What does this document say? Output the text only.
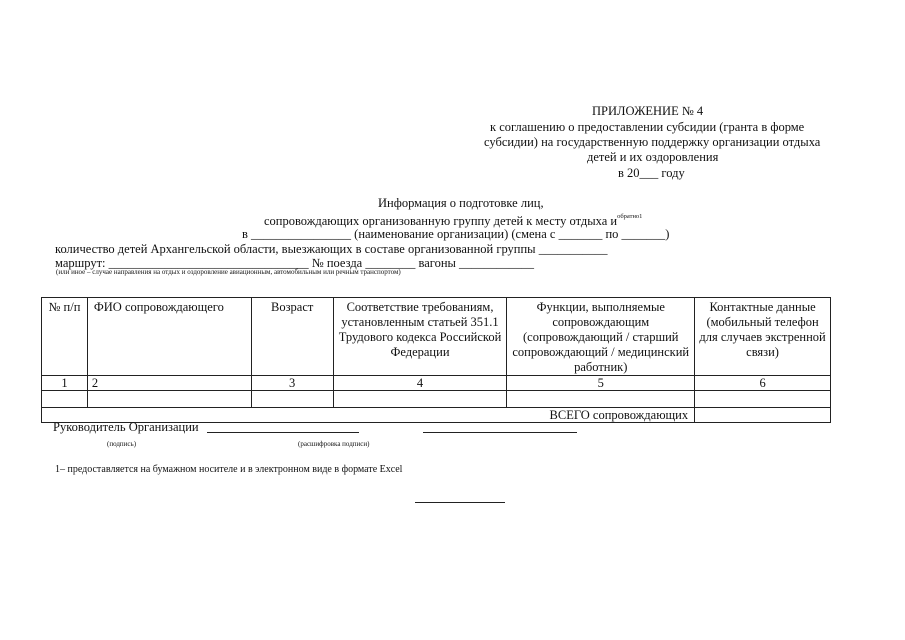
ПРИЛОЖЕНИЕ № 4
к соглашению о предоставлении субсидии (гранта в форме
субсидии) на государственную поддержку организации отдыха
детей и их оздоровления
в 20___ году
Информация о подготовке лиц,
сопровождающих организованную группу детей к месту отдыха $и^{обратно1}$
в ________________ (наименование организации) (смена с _______ по _______)
количество детей Архангельской области, выезжающих в составе организованной группы ___________
маршрут: ________________________________ № поезда ________ вагоны ____________
(или иное – случае направления на отдых и оздоровление авиационным, автомобильным или речным транспортом)
№ п/п	ФИО сопровождающего	Возраст	Соответствие требованиям, установленным статьей 351.1 Трудового кодекса Российской Федерации	Функции, выполняемые сопровождающим (сопровождающий / старший сопровождающий / медицинский работник)	Контактные данные (мобильный телефон для случаев экстренной связи)
1	2	3	4	5	6

ВСЕГО сопровождающих					
Руководитель Организации
(подпись)	(расшифровка подписи)
1– предоставляется на бумажном носителе и в электронном виде в формате Excel
